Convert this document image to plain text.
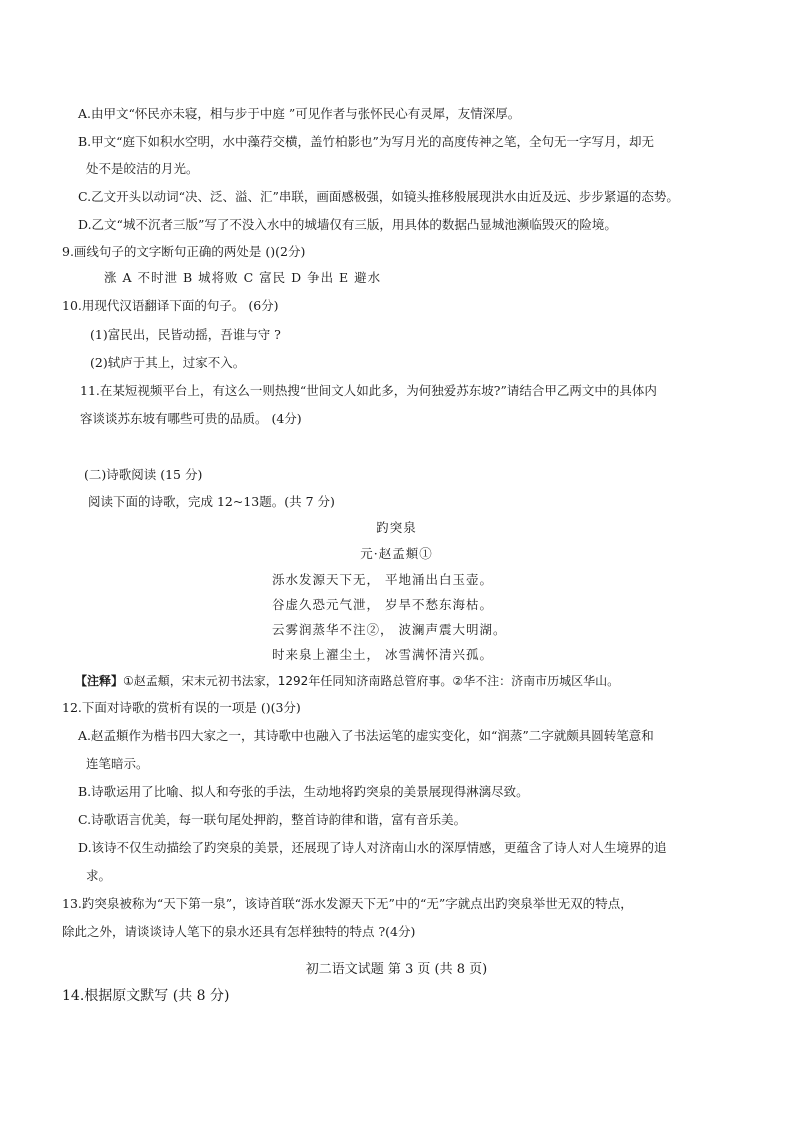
A.由甲文“怀民亦未寝，相与步于中庭 ”可见作者与张怀民心有灵犀，友情深厚。
B.甲文“庭下如积水空明，水中藻荇交横，盖竹柏影也”为写月光的高度传神之笔，全句无一字写月，却无
处不是皎洁的月光。
C.乙文开头以动词“决、泛、溢、汇”串联，画面感极强，如镜头推移般展现洪水由近及远、步步紧逼的态势。
D.乙文“城不沉者三版”写了不没入水中的城墙仅有三版，用具体的数据凸显城池濒临毁灭的险境。
9.画线句子的文字断句正确的两处是 ()(2分)
涨 A 不时泄 B 城将败 C 富民 D 争出 E 避水
10.用现代汉语翻译下面的句子。 (6分)
(1)富民出，民皆动摇，吾谁与守 ?
(2)轼庐于其上，过家不入。
11.在某短视频平台上，有这么一则热搜“世间文人如此多，为何独爱苏东坡?”请结合甲乙两文中的具体内
容谈谈苏东坡有哪些可贵的品质。 (4分)
(二)诗歌阅读 (15 分)
阅读下面的诗歌，完成 12~13题。(共 7 分)
趵突泉
元·赵孟頫①
泺水发源天下无， 平地涌出白玉壶。
谷虚久恐元气泄， 岁旱不愁东海枯。
云雾润蒸华不注②， 波澜声震大明湖。
时来泉上濯尘土， 冰雪满怀清兴孤。
【注释】①赵孟頫，宋末元初书法家，1292年任同知济南路总管府事。②华不注：济南市历城区华山。
12.下面对诗歌的赏析有误的一项是 ()(3分)
A.赵孟頫作为楷书四大家之一，其诗歌中也融入了书法运笔的虚实变化，如“润蒸”二字就颇具圆转笔意和
连笔暗示。
B.诗歌运用了比喻、拟人和夸张的手法，生动地将趵突泉的美景展现得淋漓尽致。
C.诗歌语言优美，每一联句尾处押韵，整首诗韵律和谐，富有音乐美。
D.该诗不仅生动描绘了趵突泉的美景，还展现了诗人对济南山水的深厚情感，更蕴含了诗人对人生境界的追
求。
13.趵突泉被称为“天下第一泉”，该诗首联“泺水发源天下无”中的“无”字就点出趵突泉举世无双的特点，
除此之外，请谈谈诗人笔下的泉水还具有怎样独特的特点 ?(4分)
初二语文试题 第 3 页 (共 8 页)
14.根据原文默写 (共 8 分)
